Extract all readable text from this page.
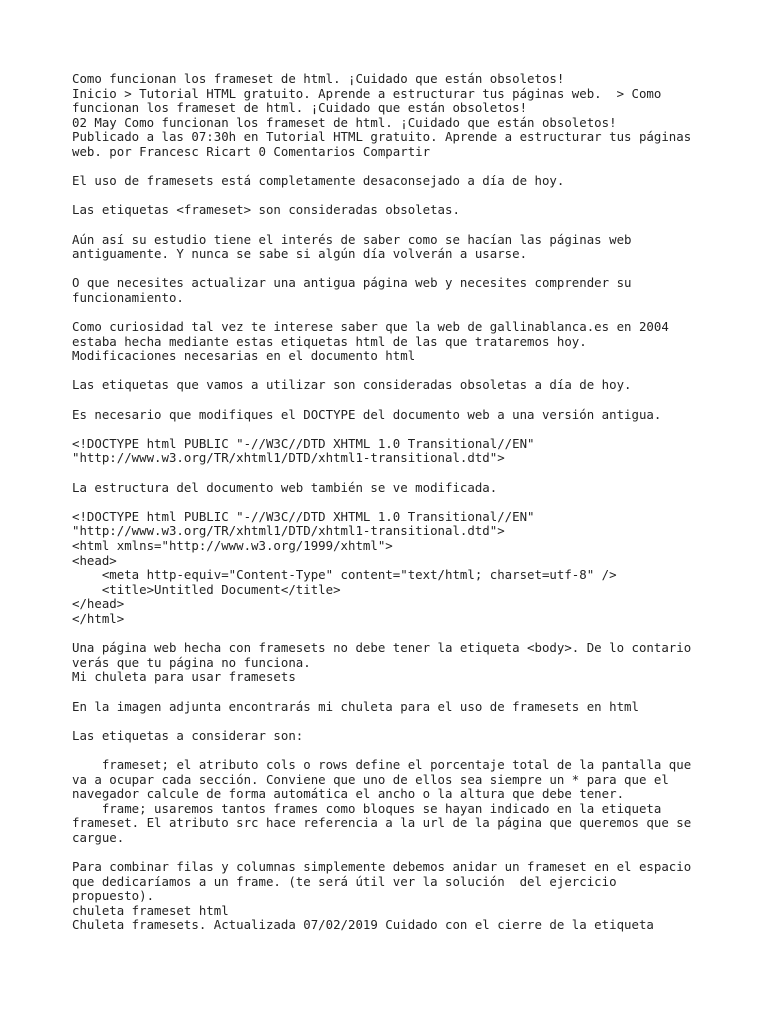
Como funcionan los frameset de html. ¡Cuidado que están obsoletos!
Inicio > Tutorial HTML gratuito. Aprende a estructurar tus páginas web.  > Como
funcionan los frameset de html. ¡Cuidado que están obsoletos!
02 May Como funcionan los frameset de html. ¡Cuidado que están obsoletos!
Publicado a las 07:30h en Tutorial HTML gratuito. Aprende a estructurar tus páginas
web. por Francesc Ricart 0 Comentarios Compartir
El uso de framesets está completamente desaconsejado a día de hoy.
Las etiquetas <frameset> son consideradas obsoletas.
Aún así su estudio tiene el interés de saber como se hacían las páginas web
antiguamente. Y nunca se sabe si algún día volverán a usarse.
O que necesites actualizar una antigua página web y necesites comprender su
funcionamiento.
Como curiosidad tal vez te interese saber que la web de gallinablanca.es en 2004
estaba hecha mediante estas etiquetas html de las que trataremos hoy.
Modificaciones necesarias en el documento html
Las etiquetas que vamos a utilizar son consideradas obsoletas a día de hoy.
Es necesario que modifiques el DOCTYPE del documento web a una versión antigua.
<!DOCTYPE html PUBLIC "-//W3C//DTD XHTML 1.0 Transitional//EN"
"http://www.w3.org/TR/xhtml1/DTD/xhtml1-transitional.dtd">
La estructura del documento web también se ve modificada.
<!DOCTYPE html PUBLIC "-//W3C//DTD XHTML 1.0 Transitional//EN"
"http://www.w3.org/TR/xhtml1/DTD/xhtml1-transitional.dtd">
<html xmlns="http://www.w3.org/1999/xhtml">
<head>
<meta http-equiv="Content-Type" content="text/html; charset=utf-8" />
<title>Untitled Document</title>
</head>
</html>
Una página web hecha con framesets no debe tener la etiqueta <body>. De lo contario
verás que tu página no funciona.
Mi chuleta para usar framesets
En la imagen adjunta encontrarás mi chuleta para el uso de framesets en html
Las etiquetas a considerar son:
frameset; el atributo cols o rows define el porcentaje total de la pantalla que
va a ocupar cada sección. Conviene que uno de ellos sea siempre un * para que el
navegador calcule de forma automática el ancho o la altura que debe tener.
frame; usaremos tantos frames como bloques se hayan indicado en la etiqueta
frameset. El atributo src hace referencia a la url de la página que queremos que se
cargue.
Para combinar filas y columnas simplemente debemos anidar un frameset en el espacio
que dedicaríamos a un frame. (te será útil ver la solución  del ejercicio
propuesto).
chuleta frameset html
Chuleta framesets. Actualizada 07/02/2019 Cuidado con el cierre de la etiqueta
